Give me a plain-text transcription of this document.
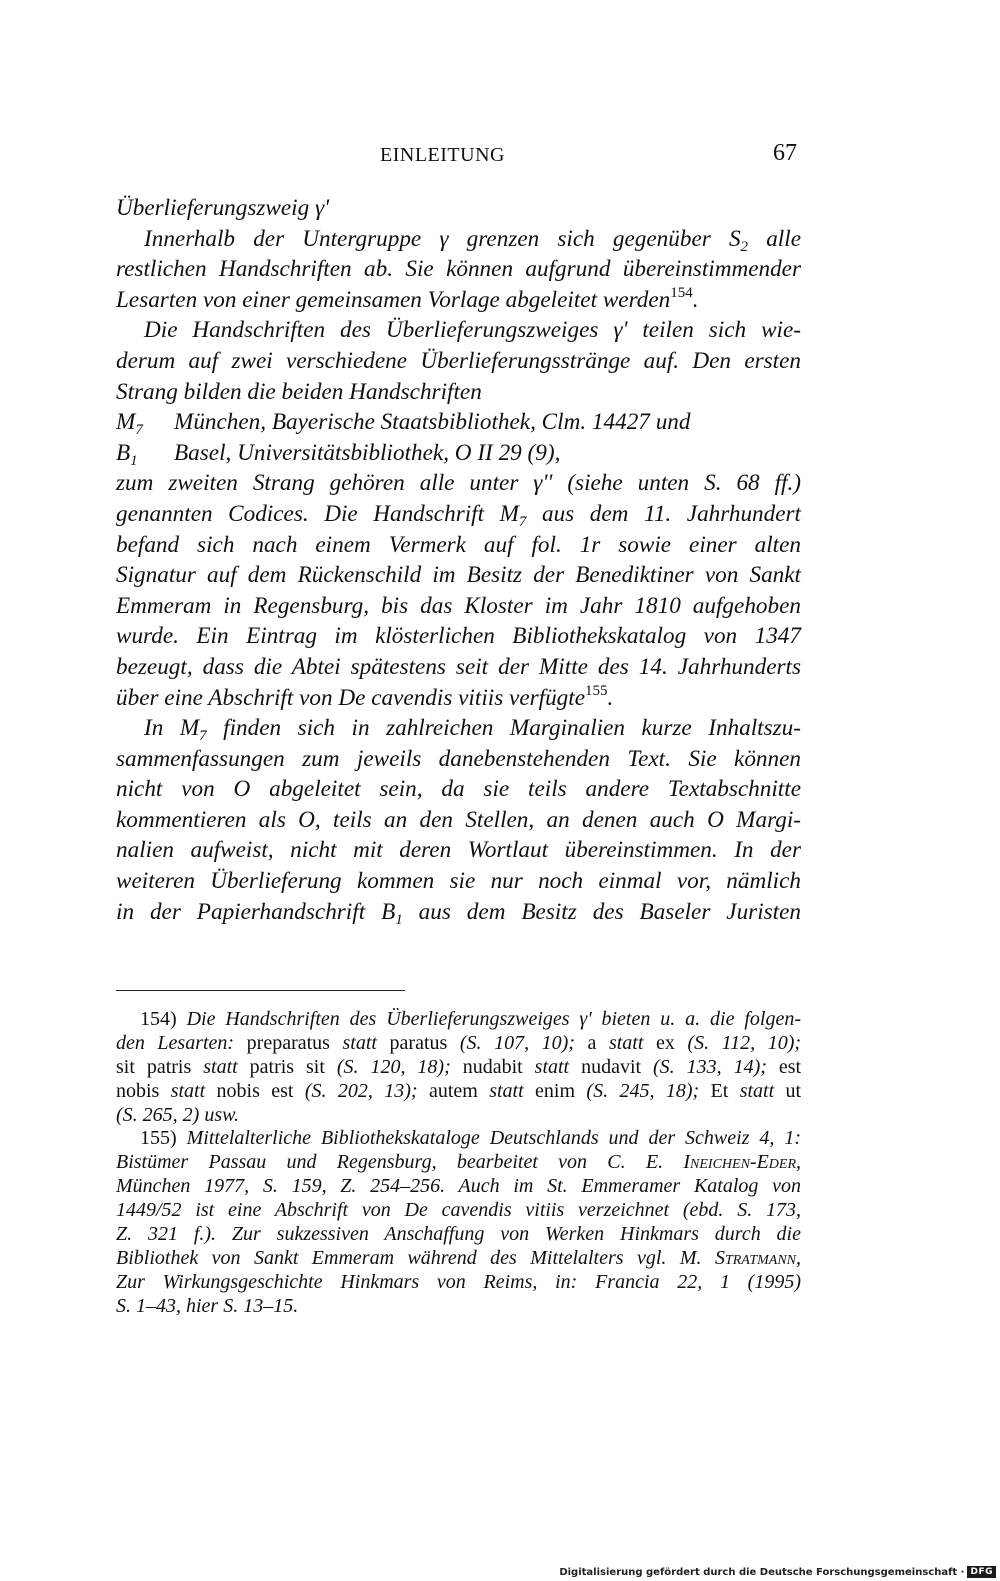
EINLEITUNG	67
Überlieferungszweig γ'
Innerhalb der Untergruppe γ grenzen sich gegenüber $S_2$ alle
restlichen Handschriften ab. Sie können aufgrund übereinstimmender
Lesarten von einer gemeinsamen Vorlage abgeleitet werden$^{154}$.
Die Handschriften des Überlieferungszweiges γ' teilen sich wie-
derum auf zwei verschiedene Überlieferungsstränge auf. Den ersten
Strang bilden die beiden Handschriften
$M_7$ München, Bayerische Staatsbibliothek, Clm. 14427 und
$B_1$ Basel, Universitätsbibliothek, O II 29 (9),
zum zweiten Strang gehören alle unter γ'' (siehe unten S. 68 ff.)
genannten Codices. Die Handschrift $M_7$ aus dem 11. Jahrhundert
befand sich nach einem Vermerk auf fol. 1r sowie einer alten
Signatur auf dem Rückenschild im Besitz der Benediktiner von Sankt
Emmeram in Regensburg, bis das Kloster im Jahr 1810 aufgehoben
wurde. Ein Eintrag im klösterlichen Bibliothekskatalog von 1347
bezeugt, dass die Abtei spätestens seit der Mitte des 14. Jahrhunderts
über eine Abschrift von De cavendis vitiis verfügte$^{155}$.
In $M_7$ finden sich in zahlreichen Marginalien kurze Inhaltszu-
sammenfassungen zum jeweils danebenstehenden Text. Sie können
nicht von O abgeleitet sein, da sie teils andere Textabschnitte
kommentieren als O, teils an den Stellen, an denen auch O Margi-
nalien aufweist, nicht mit deren Wortlaut übereinstimmen. In der
weiteren Überlieferung kommen sie nur noch einmal vor, nämlich
in der Papierhandschrift $B_1$ aus dem Besitz des Baseler Juristen
154) Die Handschriften des Überlieferungszweiges γ' bieten u. a. die folgen-
den Lesarten: preparatus statt paratus (S. 107, 10); a statt ex (S. 112, 10);
sit patris statt patris sit (S. 120, 18); nudabit statt nudavit (S. 133, 14); est
nobis statt nobis est (S. 202, 13); autem statt enim (S. 245, 18); Et statt ut
(S. 265, 2) usw.
155) Mittelalterliche Bibliothekskataloge Deutschlands und der Schweiz 4, 1:
Bistümer Passau und Regensburg, bearbeitet von C. E. Ineichen-Eder,
München 1977, S. 159, Z. 254–256. Auch im St. Emmeramer Katalog von
1449/52 ist eine Abschrift von De cavendis vitiis verzeichnet (ebd. S. 173,
Z. 321 f.). Zur sukzessiven Anschaffung von Werken Hinkmars durch die
Bibliothek von Sankt Emmeram während des Mittelalters vgl. M. Stratmann,
Zur Wirkungsgeschichte Hinkmars von Reims, in: Francia 22, 1 (1995)
S. 1–43, hier S. 13–15.
Digitalisierung gefördert durch die Deutsche Forschungsgemeinschaft · DFG
